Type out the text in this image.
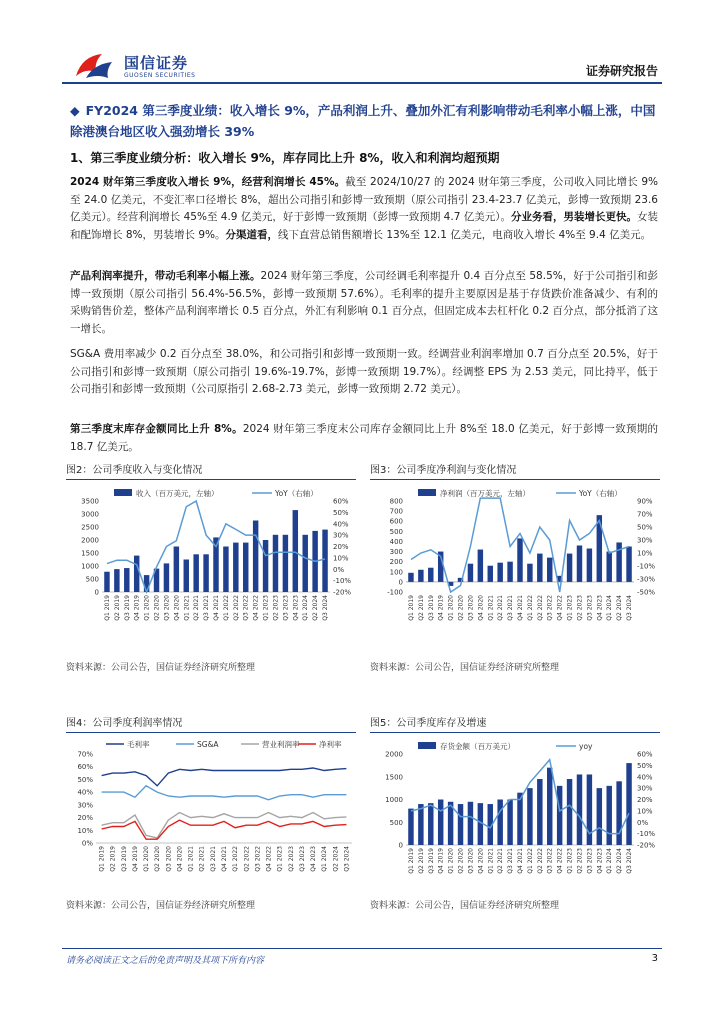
国信证券
GUOSEN SECURITIES	证券研究报告
◆ FY2024 第三季度业绩：收入增长 9%，产品利润上升、叠加外汇有利影响带动毛利率小幅上涨，中国除港澳台地区收入强劲增长 39%
1、第三季度业绩分析：收入增长 9%，库存同比上升 8%，收入和利润均超预期
2024 财年第三季度收入增长 9%，经营利润增长 45%。截至 2024/10/27 的 2024 财年第三季度，公司收入同比增长 9%至 24.0 亿美元，不变汇率口径增长 8%，超出公司指引和彭博一致预期（原公司指引 23.4-23.7 亿美元，彭博一致预期 23.6 亿美元）。经营利润增长 45%至 4.9 亿美元，好于彭博一致预期（彭博一致预期 4.7 亿美元）。分业务看，男装增长更快。女装和配饰增长 8%，男装增长 9%。分渠道看，线下直营总销售额增长 13%至 12.1 亿美元，电商收入增长 4%至 9.4 亿美元。
产品利润率提升，带动毛利率小幅上涨。2024 财年第三季度，公司经调毛利率提升 0.4 百分点至 58.5%，好于公司指引和彭博一致预期（原公司指引 56.4%-56.5%，彭博一致预期 57.6%）。毛利率的提升主要原因是基于存货跌价准备减少、有利的采购销售价差，整体产品利润率增长 0.5 百分点，外汇有利影响 0.1 百分点，但固定成本去杠杆化 0.2 百分点，部分抵消了这一增长。
SG&A 费用率减少 0.2 百分点至 38.0%，和公司指引和彭博一致预期一致。经调营业利润率增加 0.7 百分点至 20.5%，好于公司指引和彭博一致预期（原公司指引 19.6%-19.7%，彭博一致预期 19.7%）。经调整 EPS 为 2.53 美元，同比持平，低于公司指引和彭博一致预期（公司原指引 2.68-2.73 美元，彭博一致预期 2.72 美元）。
第三季度末库存金额同比上升 8%。2024 财年第三季度末公司库存金额同比上升 8%至 18.0 亿美元，好于彭博一致预期的 18.7 亿美元。
图2：公司季度收入与变化情况	图3：公司季度净利润与变化情况
图4：公司季度利润率情况	图5：公司季度库存及增速
收入（百万美元，左轴）	YoY（右轴）
0
500
1000
1500
2000
2500
3000
3500
-20%
-10%
0%
10%
20%
30%
40%
50%
60%
Q1 2019 Q2 2019 Q3 2019 Q4 2019 Q1 2020 Q2 2020 Q3 2020 Q4 2020 Q1 2021 Q2 2021 Q3 2021 Q4 2021 Q1 2022 Q2 2022 Q3 2022 Q4 2022 Q1 2023 Q2 2023 Q3 2023 Q4 2023 Q1 2024 Q2 2024 Q3 2024
净利润（百万美元，左轴）	YoY（右轴）
-100
0
100
200
300
400
500
600
700
800
-50%
-30%
-10%
10%
30%
50%
70%
90%
Q1 2019 Q2 2019 Q3 2019 Q4 2019 Q1 2020 Q2 2020 Q3 2020 Q4 2020 Q1 2021 Q2 2021 Q3 2021 Q4 2021 Q1 2022 Q2 2022 Q3 2022 Q4 2022 Q1 2023 Q2 2023 Q3 2023 Q4 2023 Q1 2024 Q2 2024 Q3 2024
毛利率	SG&A	营业利润率	净利率
0%
10%
20%
30%
40%
50%
60%
70%
Q1 2019 Q2 2019 Q3 2019 Q4 2019 Q1 2020 Q2 2020 Q3 2020 Q4 2020 Q1 2021 Q2 2021 Q3 2021 Q4 2021 Q1 2022 Q2 2022 Q3 2022 Q4 2022 Q1 2023 Q2 2023 Q3 2023 Q4 2023 Q1 2024 Q2 2024 Q3 2024
存货金额（百万美元）	yoy
0
500
1000
1500
2000
-20%
-10%
0%
10%
20%
30%
40%
50%
60%
Q1 2019 Q2 2019 Q3 2019 Q4 2019 Q1 2020 Q2 2020 Q3 2020 Q4 2020 Q1 2021 Q2 2021 Q3 2021 Q4 2021 Q1 2022 Q2 2022 Q3 2022 Q4 2022 Q1 2023 Q2 2023 Q3 2023 Q4 2023 Q1 2024 Q2 2024 Q3 2024
资料来源：公司公告，国信证券经济研究所整理	资料来源：公司公告，国信证券经济研究所整理
资料来源：公司公告，国信证券经济研究所整理	资料来源：公司公告，国信证券经济研究所整理
请务必阅读正文之后的免责声明及其项下所有内容	3
